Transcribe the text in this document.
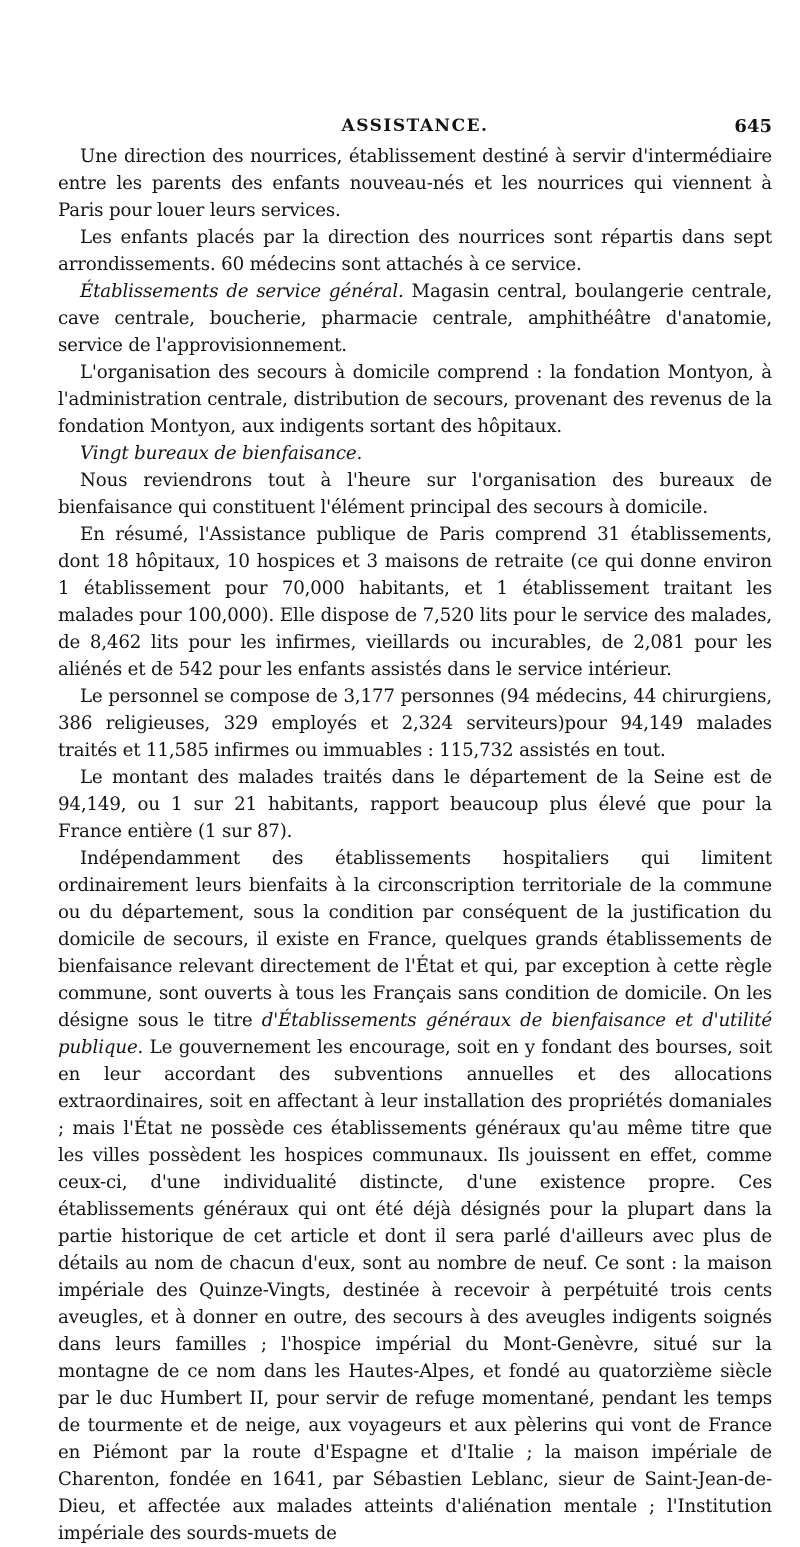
ASSISTANCE.	645

Une direction des nourrices, établissement destiné à servir d'intermédiaire entre les parents des enfants nouveau-nés et les nourrices qui viennent à Paris pour louer leurs services.

Les enfants placés par la direction des nourrices sont répartis dans sept arrondissements. 60 médecins sont attachés à ce service.

Établissements de service général. Magasin central, boulangerie centrale, cave centrale, boucherie, pharmacie centrale, amphithéâtre d'anatomie, service de l'approvisionnement.

L'organisation des secours à domicile comprend : la fondation Montyon, à l'administration centrale, distribution de secours, provenant des revenus de la fondation Montyon, aux indigents sortant des hôpitaux.

Vingt bureaux de bienfaisance.

Nous reviendrons tout à l'heure sur l'organisation des bureaux de bienfaisance qui constituent l'élément principal des secours à domicile.

En résumé, l'Assistance publique de Paris comprend 31 établissements, dont 18 hôpitaux, 10 hospices et 3 maisons de retraite (ce qui donne environ 1 établissement pour 70,000 habitants, et 1 établissement traitant les malades pour 100,000). Elle dispose de 7,520 lits pour le service des malades, de 8,462 lits pour les infirmes, vieillards ou incurables, de 2,081 pour les aliénés et de 542 pour les enfants assistés dans le service intérieur.

Le personnel se compose de 3,177 personnes (94 médecins, 44 chirurgiens, 386 religieuses, 329 employés et 2,324 serviteurs)pour 94,149 malades traités et 11,585 infirmes ou immuables : 115,732 assistés en tout.

Le montant des malades traités dans le département de la Seine est de 94,149, ou 1 sur 21 habitants, rapport beaucoup plus élevé que pour la France entière (1 sur 87).

Indépendamment des établissements hospitaliers qui limitent ordinairement leurs bienfaits à la circonscription territoriale de la commune ou du département, sous la condition par conséquent de la justification du domicile de secours, il existe en France, quelques grands établissements de bienfaisance relevant directement de l'État et qui, par exception à cette règle commune, sont ouverts à tous les Français sans condition de domicile. On les désigne sous le titre d'Établissements généraux de bienfaisance et d'utilité publique. Le gouvernement les encourage, soit en y fondant des bourses, soit en leur accordant des subventions annuelles et des allocations extraordinaires, soit en affectant à leur installation des propriétés domaniales ; mais l'État ne possède ces établissements généraux qu'au même titre que les villes possèdent les hospices communaux. Ils jouissent en effet, comme ceux-ci, d'une individualité distincte, d'une existence propre. Ces établissements généraux qui ont été déjà désignés pour la plupart dans la partie historique de cet article et dont il sera parlé d'ailleurs avec plus de détails au nom de chacun d'eux, sont au nombre de neuf. Ce sont : la maison impériale des Quinze-Vingts, destinée à recevoir à perpétuité trois cents aveugles, et à donner en outre, des secours à des aveugles indigents soignés dans leurs familles ; l'hospice impérial du Mont-Genèvre, situé sur la montagne de ce nom dans les Hautes-Alpes, et fondé au quatorzième siècle par le duc Humbert II, pour servir de refuge momentané, pendant les temps de tourmente et de neige, aux voyageurs et aux pèlerins qui vont de France en Piémont par la route d'Espagne et d'Italie ; la maison impériale de Charenton, fondée en 1641, par Sébastien Leblanc, sieur de Saint-Jean-de-Dieu, et affectée aux malades atteints d'aliénation mentale ; l'Institution impériale des sourds-muets de
